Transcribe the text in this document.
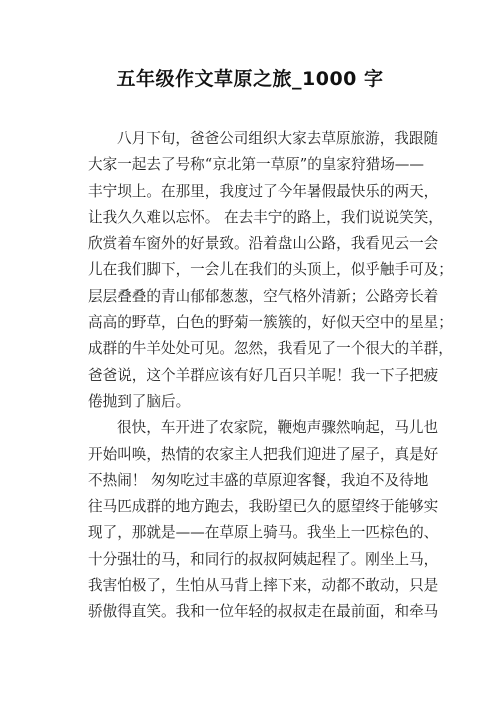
五年级作文草原之旅_1000 字
八月下旬，爸爸公司组织大家去草原旅游，我跟随
大家一起去了号称“京北第一草原”的皇家狩猎场——
丰宁坝上。在那里，我度过了今年暑假最快乐的两天，
让我久久难以忘怀。 在去丰宁的路上，我们说说笑笑，
欣赏着车窗外的好景致。沿着盘山公路，我看见云一会
儿在我们脚下，一会儿在我们的头顶上，似乎触手可及；
层层叠叠的青山郁郁葱葱，空气格外清新；公路旁长着
高高的野草，白色的野菊一簇簇的，好似天空中的星星；
成群的牛羊处处可见。忽然，我看见了一个很大的羊群，
爸爸说，这个羊群应该有好几百只羊呢！我一下子把疲
倦抛到了脑后。
很快，车开进了农家院，鞭炮声骤然响起，马儿也
开始叫唤，热情的农家主人把我们迎进了屋子，真是好
不热闹！ 匆匆吃过丰盛的草原迎客餐，我迫不及待地
往马匹成群的地方跑去，我盼望已久的愿望终于能够实
现了，那就是——在草原上骑马。我坐上一匹棕色的、
十分强壮的马，和同行的叔叔阿姨起程了。刚坐上马，
我害怕极了，生怕从马背上摔下来，动都不敢动，只是
骄傲得直笑。我和一位年轻的叔叔走在最前面，和牵马
